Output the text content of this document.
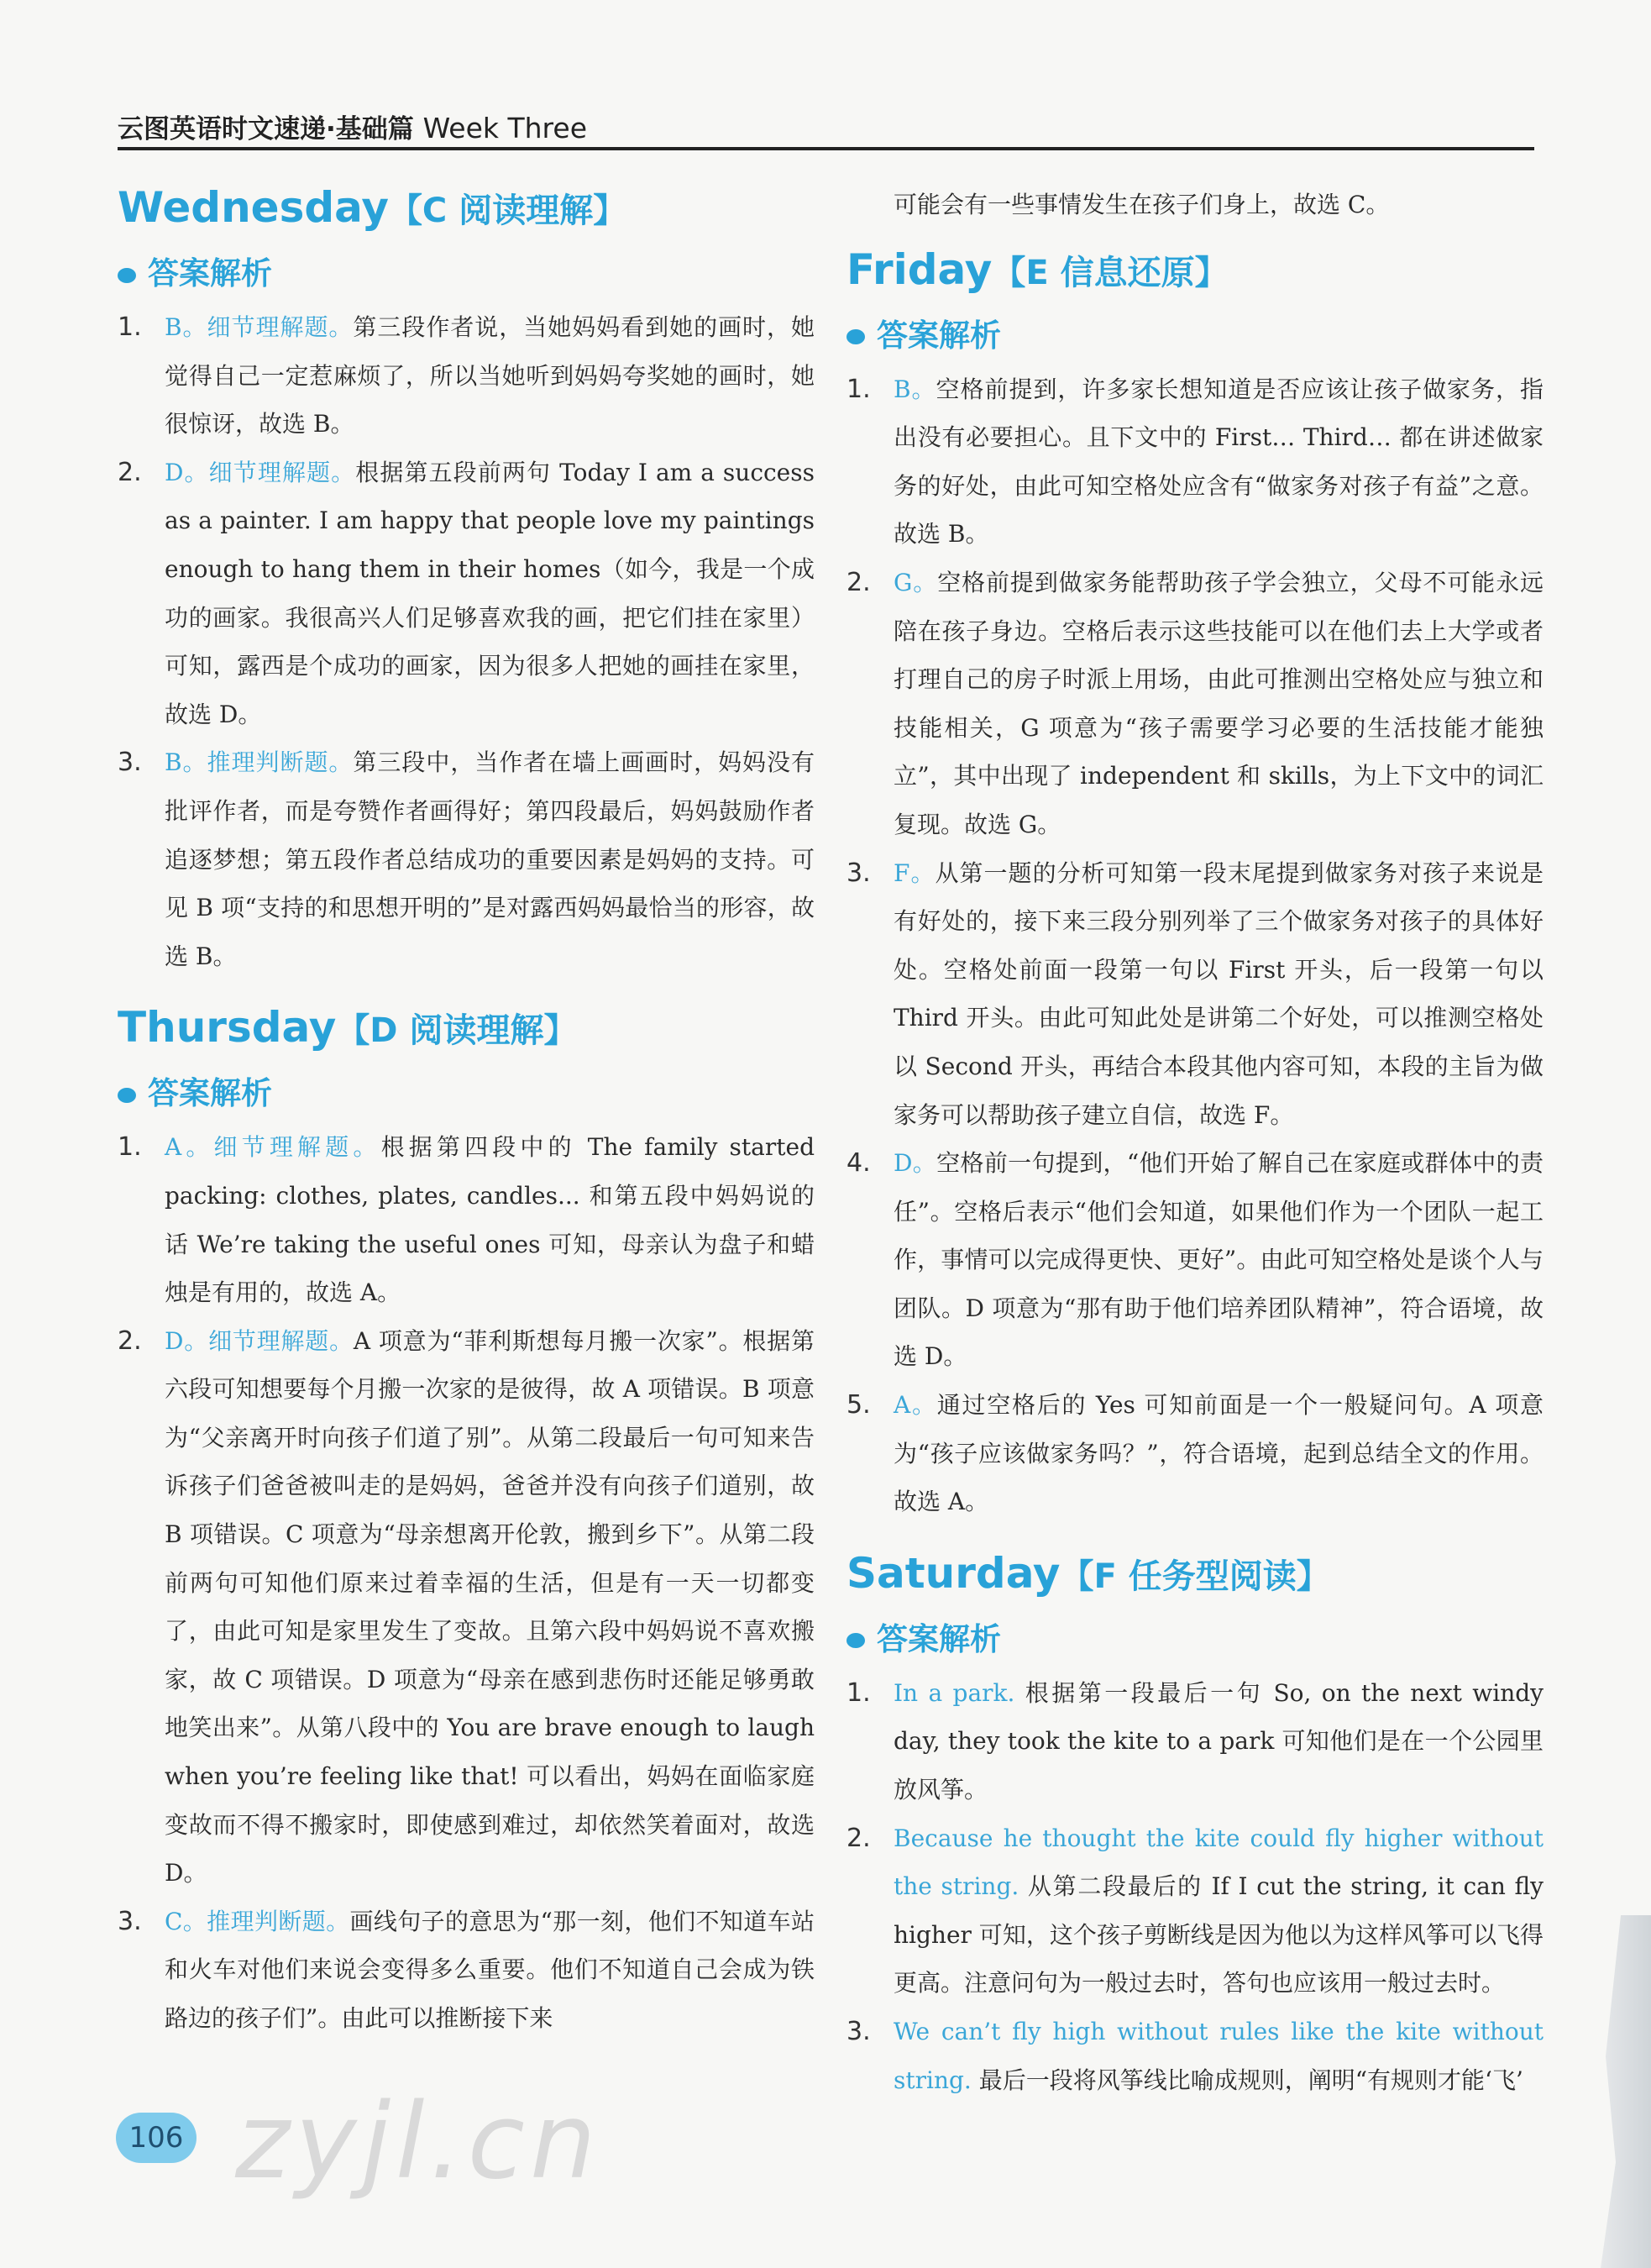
云图英语时文速递·基础篇 Week Three
Wednesday【C 阅读理解】
答案解析
1. B。细节理解题。第三段作者说，当她妈妈看到她的画时，她觉得自己一定惹麻烦了，所以当她听到妈妈夸奖她的画时，她很惊讶，故选 B。
2. D。细节理解题。根据第五段前两句 Today I am a success as a painter. I am happy that people love my paintings enough to hang them in their homes（如今，我是一个成功的画家。我很高兴人们足够喜欢我的画，把它们挂在家里）可知，露西是个成功的画家，因为很多人把她的画挂在家里，故选 D。
3. B。推理判断题。第三段中，当作者在墙上画画时，妈妈没有批评作者，而是夸赞作者画得好；第四段最后，妈妈鼓励作者追逐梦想；第五段作者总结成功的重要因素是妈妈的支持。可见 B 项“支持的和思想开明的”是对露西妈妈最恰当的形容，故选 B。
Thursday【D 阅读理解】
答案解析
1. A。细节理解题。根据第四段中的 The family started packing: clothes, plates, candles... 和第五段中妈妈说的话 We’re taking the useful ones 可知，母亲认为盘子和蜡烛是有用的，故选 A。
2. D。细节理解题。A 项意为“菲利斯想每月搬一次家”。根据第六段可知想要每个月搬一次家的是彼得，故 A 项错误。B 项意为“父亲离开时向孩子们道了别”。从第二段最后一句可知来告诉孩子们爸爸被叫走的是妈妈，爸爸并没有向孩子们道别，故 B 项错误。C 项意为“母亲想离开伦敦，搬到乡下”。从第二段前两句可知他们原来过着幸福的生活，但是有一天一切都变了，由此可知是家里发生了变故。且第六段中妈妈说不喜欢搬家，故 C 项错误。D 项意为“母亲在感到悲伤时还能足够勇敢地笑出来”。从第八段中的 You are brave enough to laugh when you’re feeling like that! 可以看出，妈妈在面临家庭变故而不得不搬家时，即使感到难过，却依然笑着面对，故选 D。
3. C。推理判断题。画线句子的意思为“那一刻，他们不知道车站和火车对他们来说会变得多么重要。他们不知道自己会成为铁路边的孩子们”。由此可以推断接下来
可能会有一些事情发生在孩子们身上，故选 C。
Friday【E 信息还原】
答案解析
1. B。空格前提到，许多家长想知道是否应该让孩子做家务，指出没有必要担心。且下文中的 First… Third… 都在讲述做家务的好处，由此可知空格处应含有“做家务对孩子有益”之意。故选 B。
2. G。空格前提到做家务能帮助孩子学会独立，父母不可能永远陪在孩子身边。空格后表示这些技能可以在他们去上大学或者打理自己的房子时派上用场，由此可推测出空格处应与独立和技能相关，G 项意为“孩子需要学习必要的生活技能才能独立”，其中出现了 independent 和 skills，为上下文中的词汇复现。故选 G。
3. F。从第一题的分析可知第一段末尾提到做家务对孩子来说是有好处的，接下来三段分别列举了三个做家务对孩子的具体好处。空格处前面一段第一句以 First 开头，后一段第一句以 Third 开头。由此可知此处是讲第二个好处，可以推测空格处以 Second 开头，再结合本段其他内容可知，本段的主旨为做家务可以帮助孩子建立自信，故选 F。
4. D。空格前一句提到，“他们开始了解自己在家庭或群体中的责任”。空格后表示“他们会知道，如果他们作为一个团队一起工作，事情可以完成得更快、更好”。由此可知空格处是谈个人与团队。D 项意为“那有助于他们培养团队精神”，符合语境，故选 D。
5. A。通过空格后的 Yes 可知前面是一个一般疑问句。A 项意为“孩子应该做家务吗？”，符合语境，起到总结全文的作用。故选 A。
Saturday【F 任务型阅读】
答案解析
1. In a park. 根据第一段最后一句 So, on the next windy day, they took the kite to a park 可知他们是在一个公园里放风筝。
2. Because he thought the kite could fly higher without the string. 从第二段最后的 If I cut the string, it can fly higher 可知，这个孩子剪断线是因为他以为这样风筝可以飞得更高。注意问句为一般过去时，答句也应该用一般过去时。
3. We can’t fly high without rules like the kite without string. 最后一段将风筝线比喻成规则，阐明“有规则才能‘飞’
106 zyjl.cn
